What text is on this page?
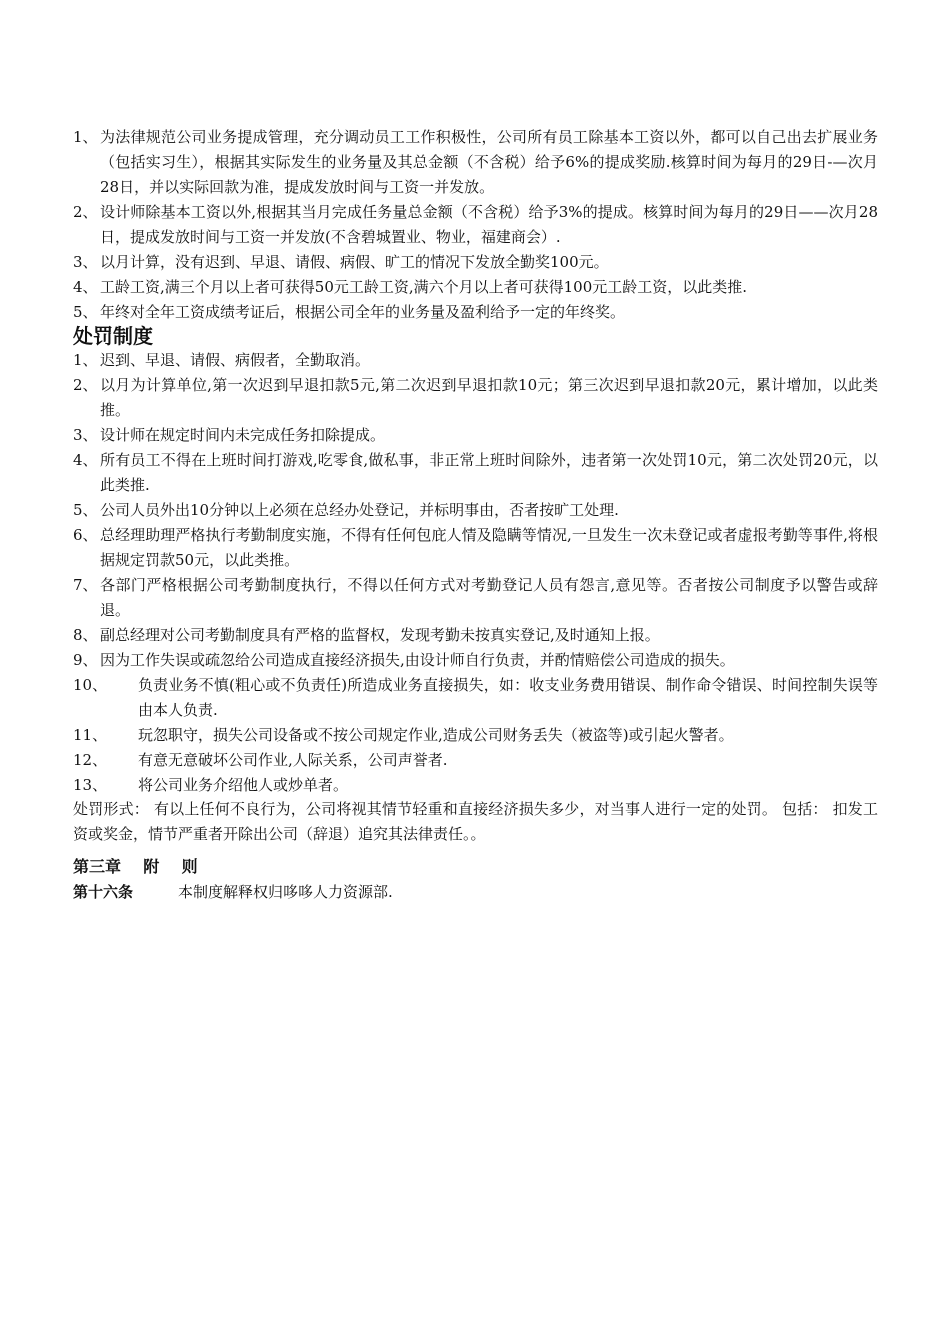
1、 为法律规范公司业务提成管理，充分调动员工工作积极性，公司所有员工除基本工资以外，都可以自己出去扩展业务（包括实习生），根据其实际发生的业务量及其总金额（不含税）给予6%的提成奖励.核算时间为每月的29日-—次月28日，并以实际回款为准，提成发放时间与工资一并发放。
2、 设计师除基本工资以外,根据其当月完成任务量总金额（不含税）给予3%的提成。核算时间为每月的29日——次月28日，提成发放时间与工资一并发放(不含碧城置业、物业，福建商会）.
3、 以月计算，没有迟到、早退、请假、病假、旷工的情况下发放全勤奖100元。
4、 工龄工资,满三个月以上者可获得50元工龄工资,满六个月以上者可获得100元工龄工资，以此类推.
5、 年终对全年工资成绩考证后，根据公司全年的业务量及盈利给予一定的年终奖。
处罚制度
1、 迟到、早退、请假、病假者，全勤取消。
2、 以月为计算单位,第一次迟到早退扣款5元,第二次迟到早退扣款10元；第三次迟到早退扣款20元，累计增加，以此类推。
3、 设计师在规定时间内未完成任务扣除提成。
4、 所有员工不得在上班时间打游戏,吃零食,做私事，非正常上班时间除外，违者第一次处罚10元，第二次处罚20元，以此类推.
5、 公司人员外出10分钟以上必须在总经办处登记，并标明事由，否者按旷工处理.
6、 总经理助理严格执行考勤制度实施，不得有任何包庇人情及隐瞒等情况,一旦发生一次未登记或者虚报考勤等事件,将根据规定罚款50元，以此类推。
7、 各部门严格根据公司考勤制度执行，不得以任何方式对考勤登记人员有怨言,意见等。否者按公司制度予以警告或辞退。
8、 副总经理对公司考勤制度具有严格的监督权，发现考勤未按真实登记,及时通知上报。
9、 因为工作失误或疏忽给公司造成直接经济损失,由设计师自行负责，并酌情赔偿公司造成的损失。
10、	负责业务不慎(粗心或不负责任)所造成业务直接损失，如：收支业务费用错误、制作命令错误、时间控制失误等由本人负责.
11、	玩忽职守，损失公司设备或不按公司规定作业,造成公司财务丢失（被盗等)或引起火警者。
12、	有意无意破坏公司作业,人际关系，公司声誉者.
13、	将公司业务介绍他人或炒单者。
处罚形式： 有以上任何不良行为，公司将视其情节轻重和直接经济损失多少，对当事人进行一定的处罚。 包括： 扣发工资或奖金，情节严重者开除出公司（辞退）追究其法律责任。。
第三章    附    则
第十六条	本制度解释权归哆哆人力资源部.
